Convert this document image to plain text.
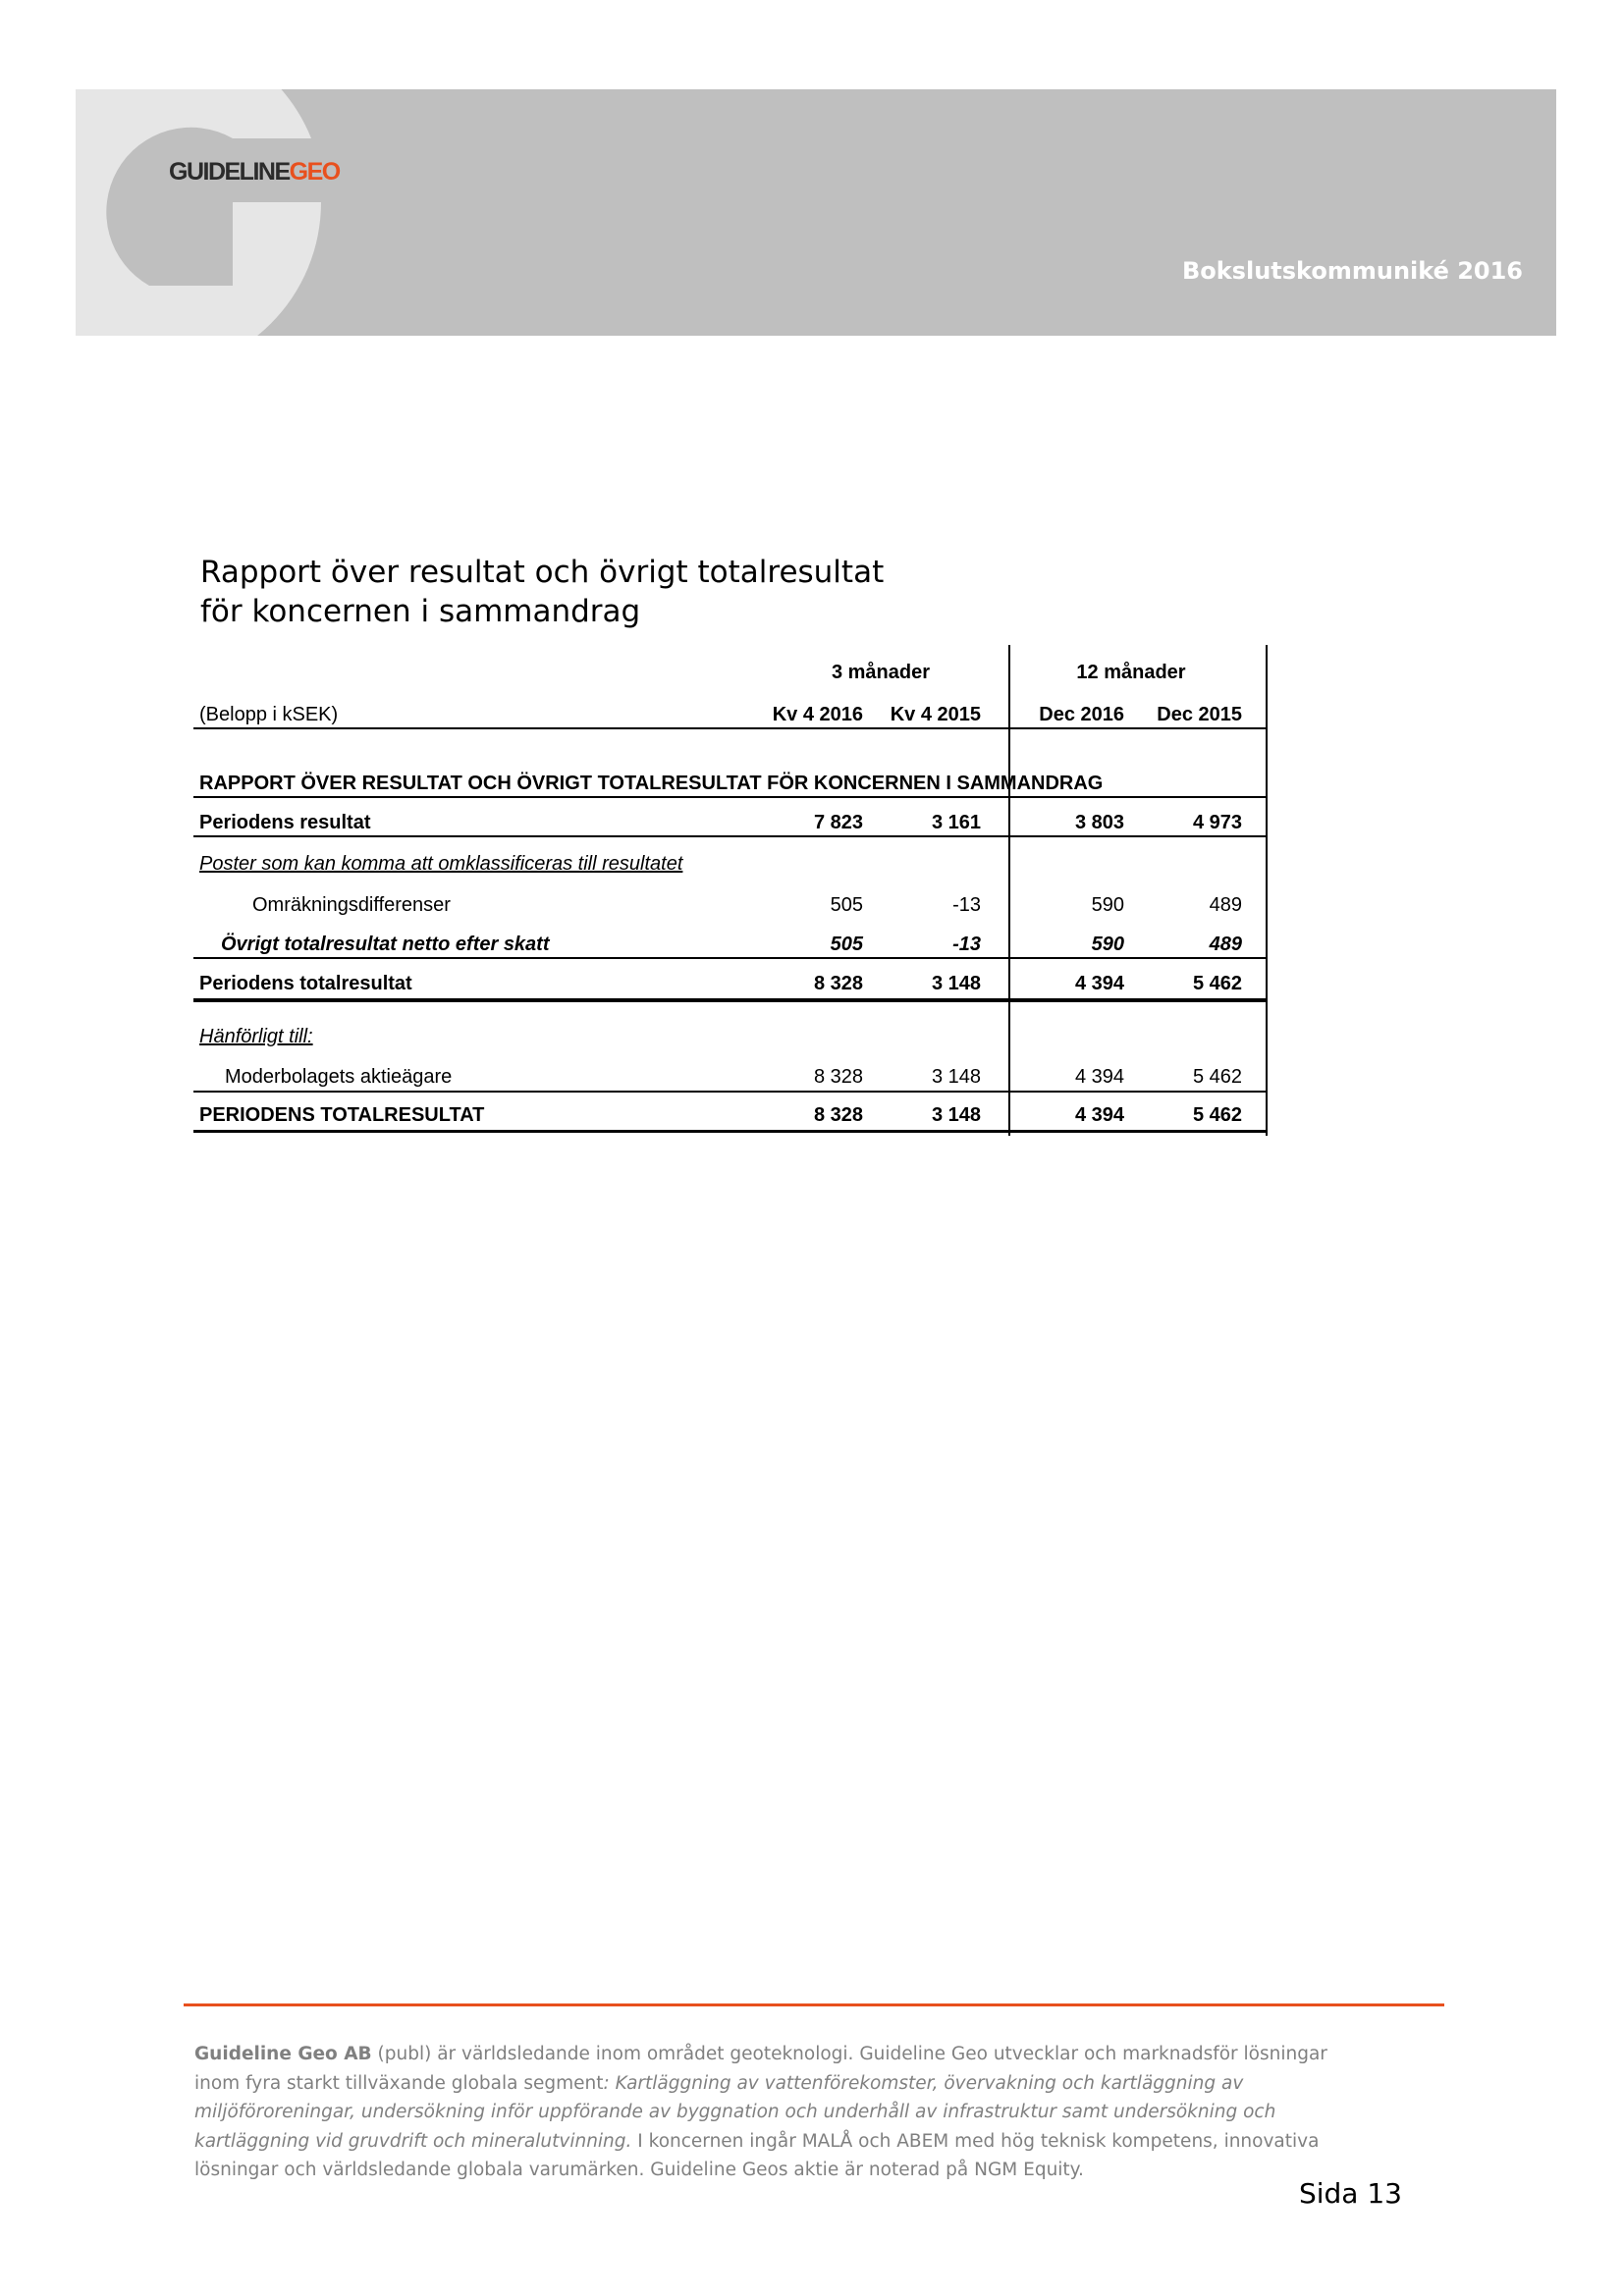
GUIDELINEGEO
Bokslutskommuniké 2016
Rapport över resultat och övrigt totalresultat
för koncernen i sammandrag
3 månader	12 månader
(Belopp i kSEK)	Kv 4 2016	Kv 4 2015	Dec 2016	Dec 2015
RAPPORT ÖVER RESULTAT OCH ÖVRIGT TOTALRESULTAT FÖR KONCERNEN I SAMMANDRAG
Periodens resultat	7 823	3 161	3 803	4 973
Poster som kan komma att omklassificeras till resultatet
Omräkningsdifferenser	505	-13	590	489
Övrigt totalresultat netto efter skatt	505	-13	590	489
Periodens totalresultat	8 328	3 148	4 394	5 462
Hänförligt till:
Moderbolagets aktieägare	8 328	3 148	4 394	5 462
PERIODENS TOTALRESULTAT	8 328	3 148	4 394	5 462
Guideline Geo AB (publ) är världsledande inom området geoteknologi. Guideline Geo utvecklar och marknadsför lösningar inom fyra starkt tillväxande globala segment: Kartläggning av vattenförekomster, övervakning och kartläggning av miljöföroreningar, undersökning inför uppförande av byggnation och underhåll av infrastruktur samt undersökning och kartläggning vid gruvdrift och mineralutvinning. I koncernen ingår MALÅ och ABEM med hög teknisk kompetens, innovativa lösningar och världsledande globala varumärken. Guideline Geos aktie är noterad på NGM Equity.
Sida 13
